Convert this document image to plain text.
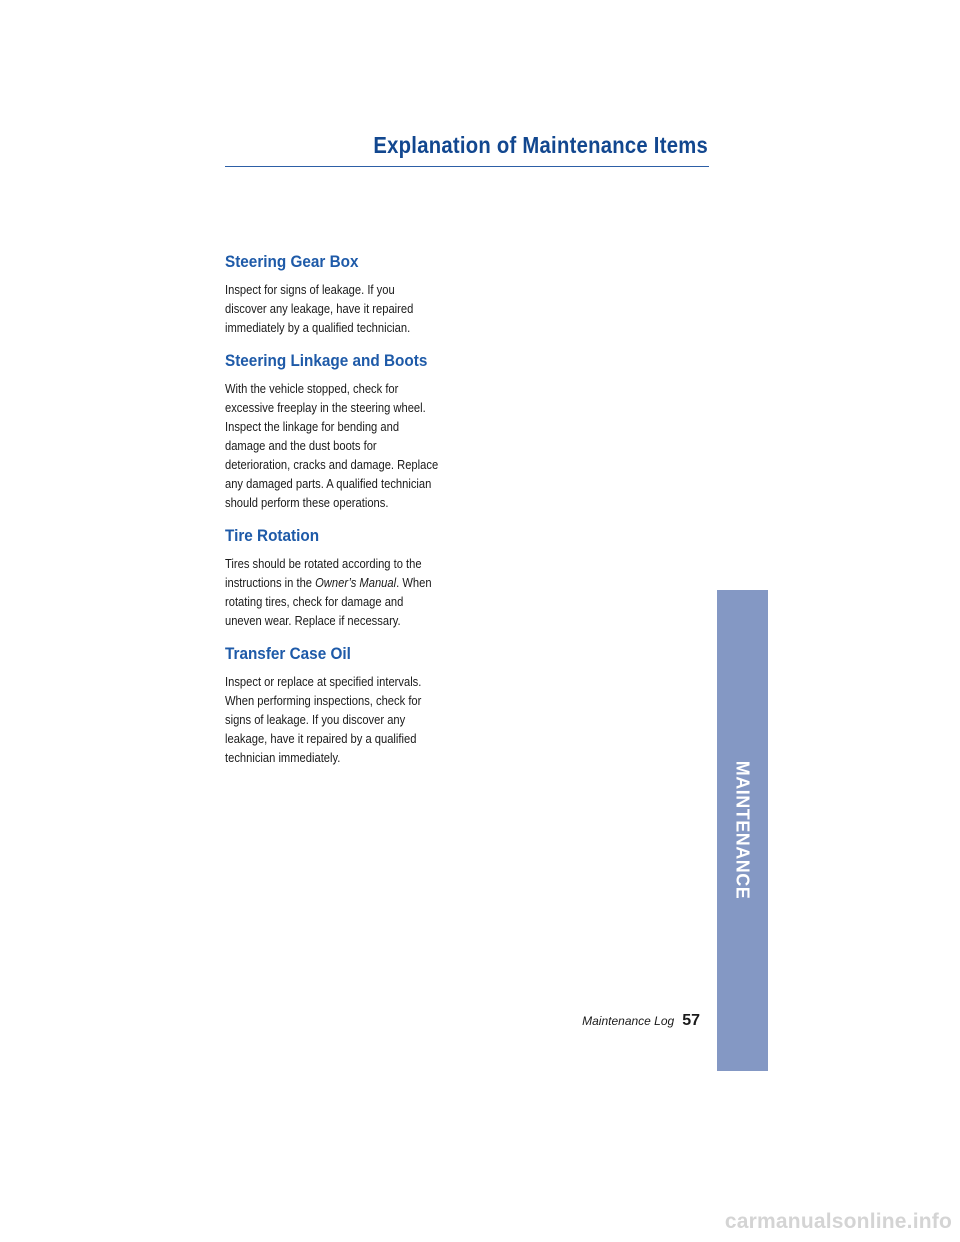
Explanation of Maintenance Items
Steering Gear Box

Inspect for signs of leakage. If you
discover any leakage, have it repaired
immediately by a qualified technician.

Steering Linkage and Boots

With the vehicle stopped, check for
excessive freeplay in the steering wheel.
Inspect the linkage for bending and
damage and the dust boots for
deterioration, cracks and damage. Replace
any damaged parts. A qualified technician
should perform these operations.

Tire Rotation

Tires should be rotated according to the
instructions in the Owner’s Manual. When
rotating tires, check for damage and
uneven wear. Replace if necessary.

Transfer Case Oil

Inspect or replace at specified intervals.
When performing inspections, check for
signs of leakage. If you discover any
leakage, have it repaired by a qualified
technician immediately.

MAINTENANCE
Maintenance Log 57
carmanualsonline.info
